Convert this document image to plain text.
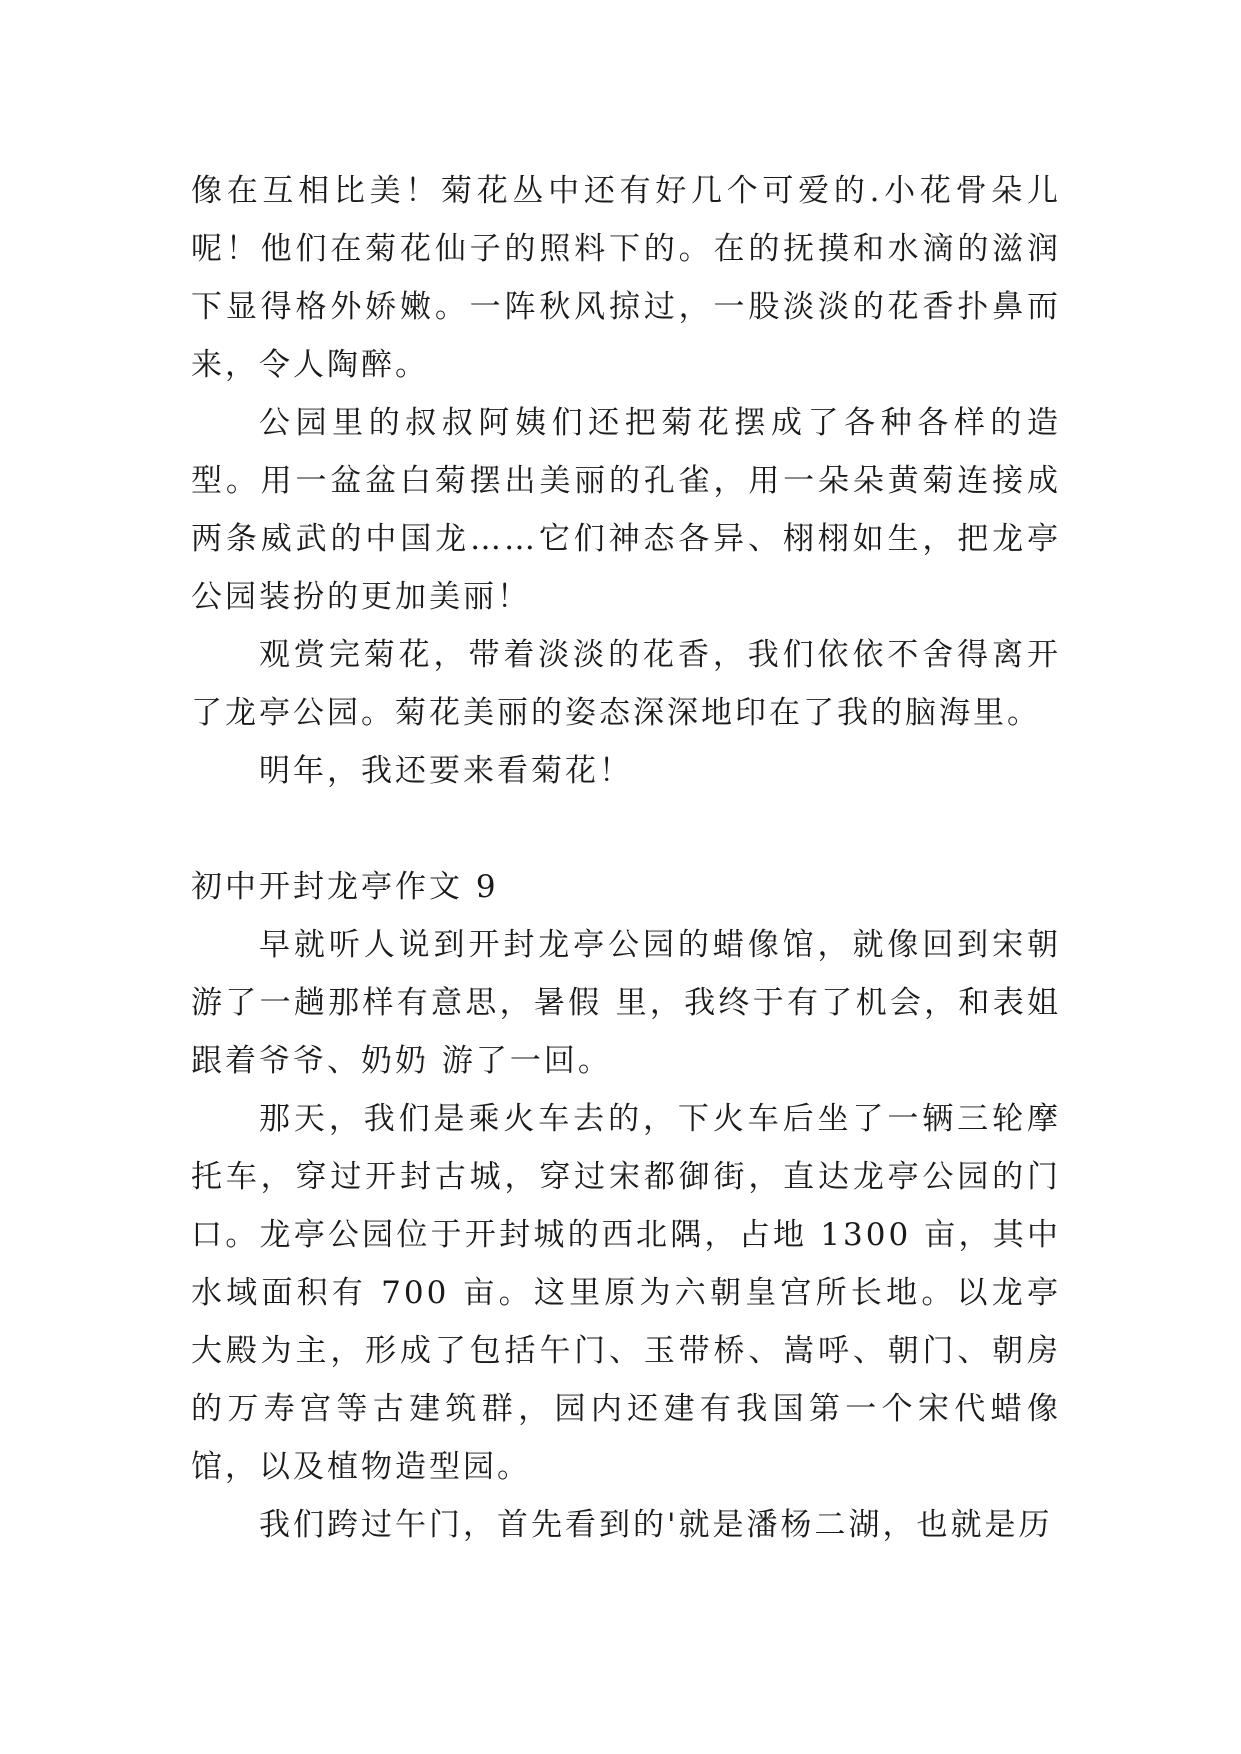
像在互相比美！菊花丛中还有好几个可爱的.小花骨朵儿呢！他们在菊花仙子的照料下的。在的抚摸和水滴的滋润下显得格外娇嫩。一阵秋风掠过，一股淡淡的花香扑鼻而来，令人陶醉。

公园里的叔叔阿姨们还把菊花摆成了各种各样的造型。用一盆盆白菊摆出美丽的孔雀，用一朵朵黄菊连接成两条威武的中国龙……它们神态各异、栩栩如生，把龙亭公园装扮的更加美丽！

观赏完菊花，带着淡淡的花香，我们依依不舍得离开了龙亭公园。菊花美丽的姿态深深地印在了我的脑海里。

明年，我还要来看菊花！

初中开封龙亭作文 9

早就听人说到开封龙亭公园的蜡像馆，就像回到宋朝游了一趟那样有意思，暑假 里，我终于有了机会，和表姐跟着爷爷、奶奶 游了一回。

那天，我们是乘火车去的，下火车后坐了一辆三轮摩托车，穿过开封古城，穿过宋都御街，直达龙亭公园的门口。龙亭公园位于开封城的西北隅，占地 1300 亩，其中水域面积有 700 亩。这里原为六朝皇宫所长地。以龙亭大殿为主，形成了包括午门、玉带桥、嵩呼、朝门、朝房的万寿宫等古建筑群，园内还建有我国第一个宋代蜡像馆，以及植物造型园。

我们跨过午门，首先看到的'就是潘杨二湖，也就是历
